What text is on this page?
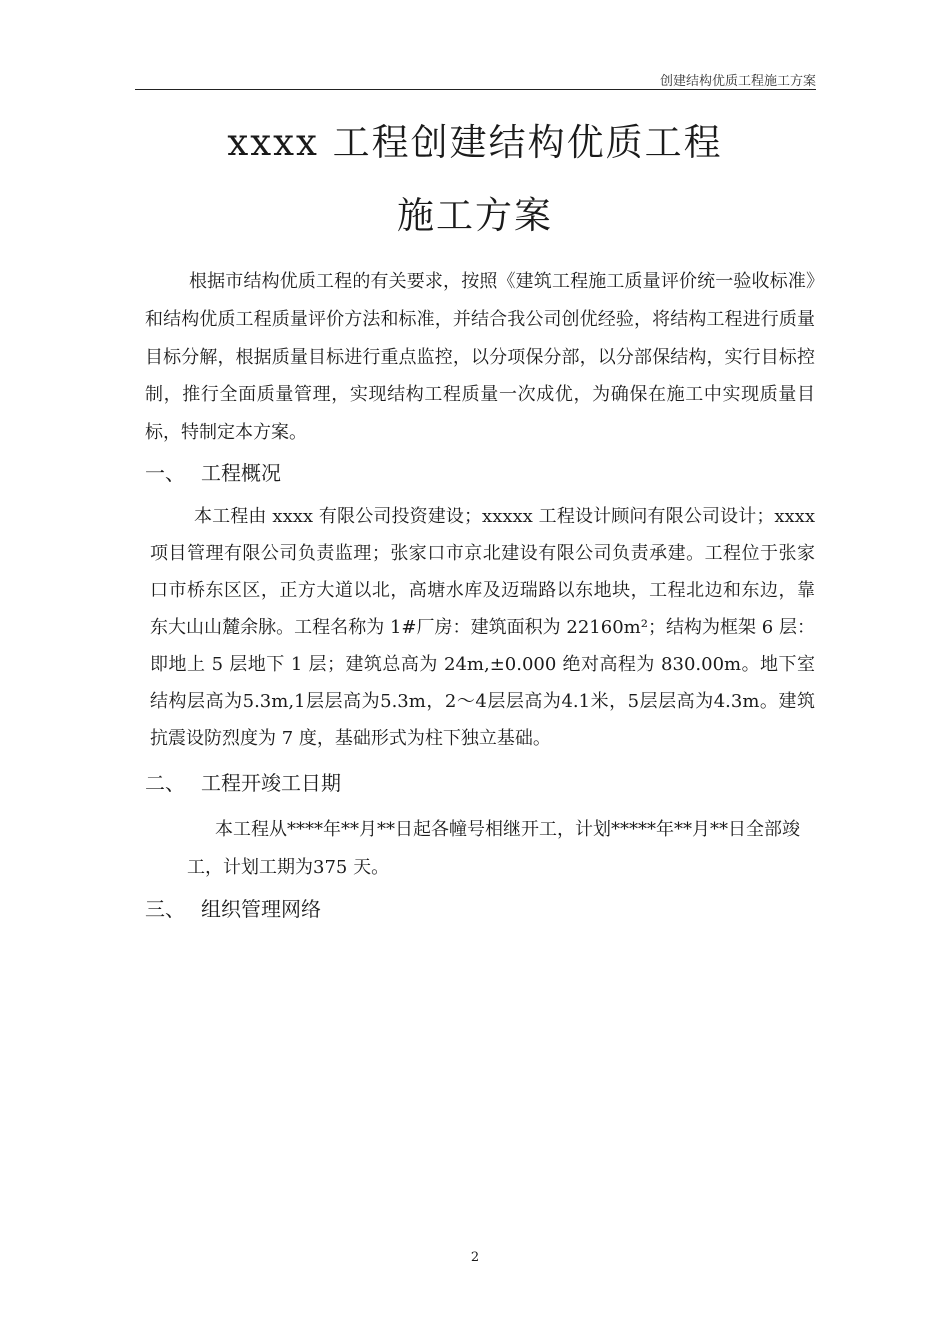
创建结构优质工程施工方案
xxxx 工程创建结构优质工程
施工方案

根据市结构优质工程的有关要求，按照《建筑工程施工质量评价统一验收标准》和结构优质工程质量评价方法和标准，并结合我公司创优经验，将结构工程进行质量目标分解，根据质量目标进行重点监控，以分项保分部，以分部保结构，实行目标控制，推行全面质量管理，实现结构工程质量一次成优，为确保在施工中实现质量目标，特制定本方案。

一、 工程概况

本工程由 xxxx 有限公司投资建设；xxxxx 工程设计顾问有限公司设计；xxxx 项目管理有限公司负责监理；张家口市京北建设有限公司负责承建。工程位于张家口市桥东区区，正方大道以北，高塘水库及迈瑞路以东地块，工程北边和东边，靠东大山山麓余脉。工程名称为 1#厂房：建筑面积为 22160m²；结构为框架 6 层：即地上 5 层地下 1 层；建筑总高为 24m,±0.000 绝对高程为 830.00m。地下室结构层高为5.3m,1层层高为5.3m，2～4层层高为4.1米，5层层高为4.3m。建筑抗震设防烈度为 7 度，基础形式为柱下独立基础。

二、 工程开竣工日期

本工程从****年**月**日起各幢号相继开工，计划*****年**月**日全部竣工，计划工期为375 天。

三、 组织管理网络
2
